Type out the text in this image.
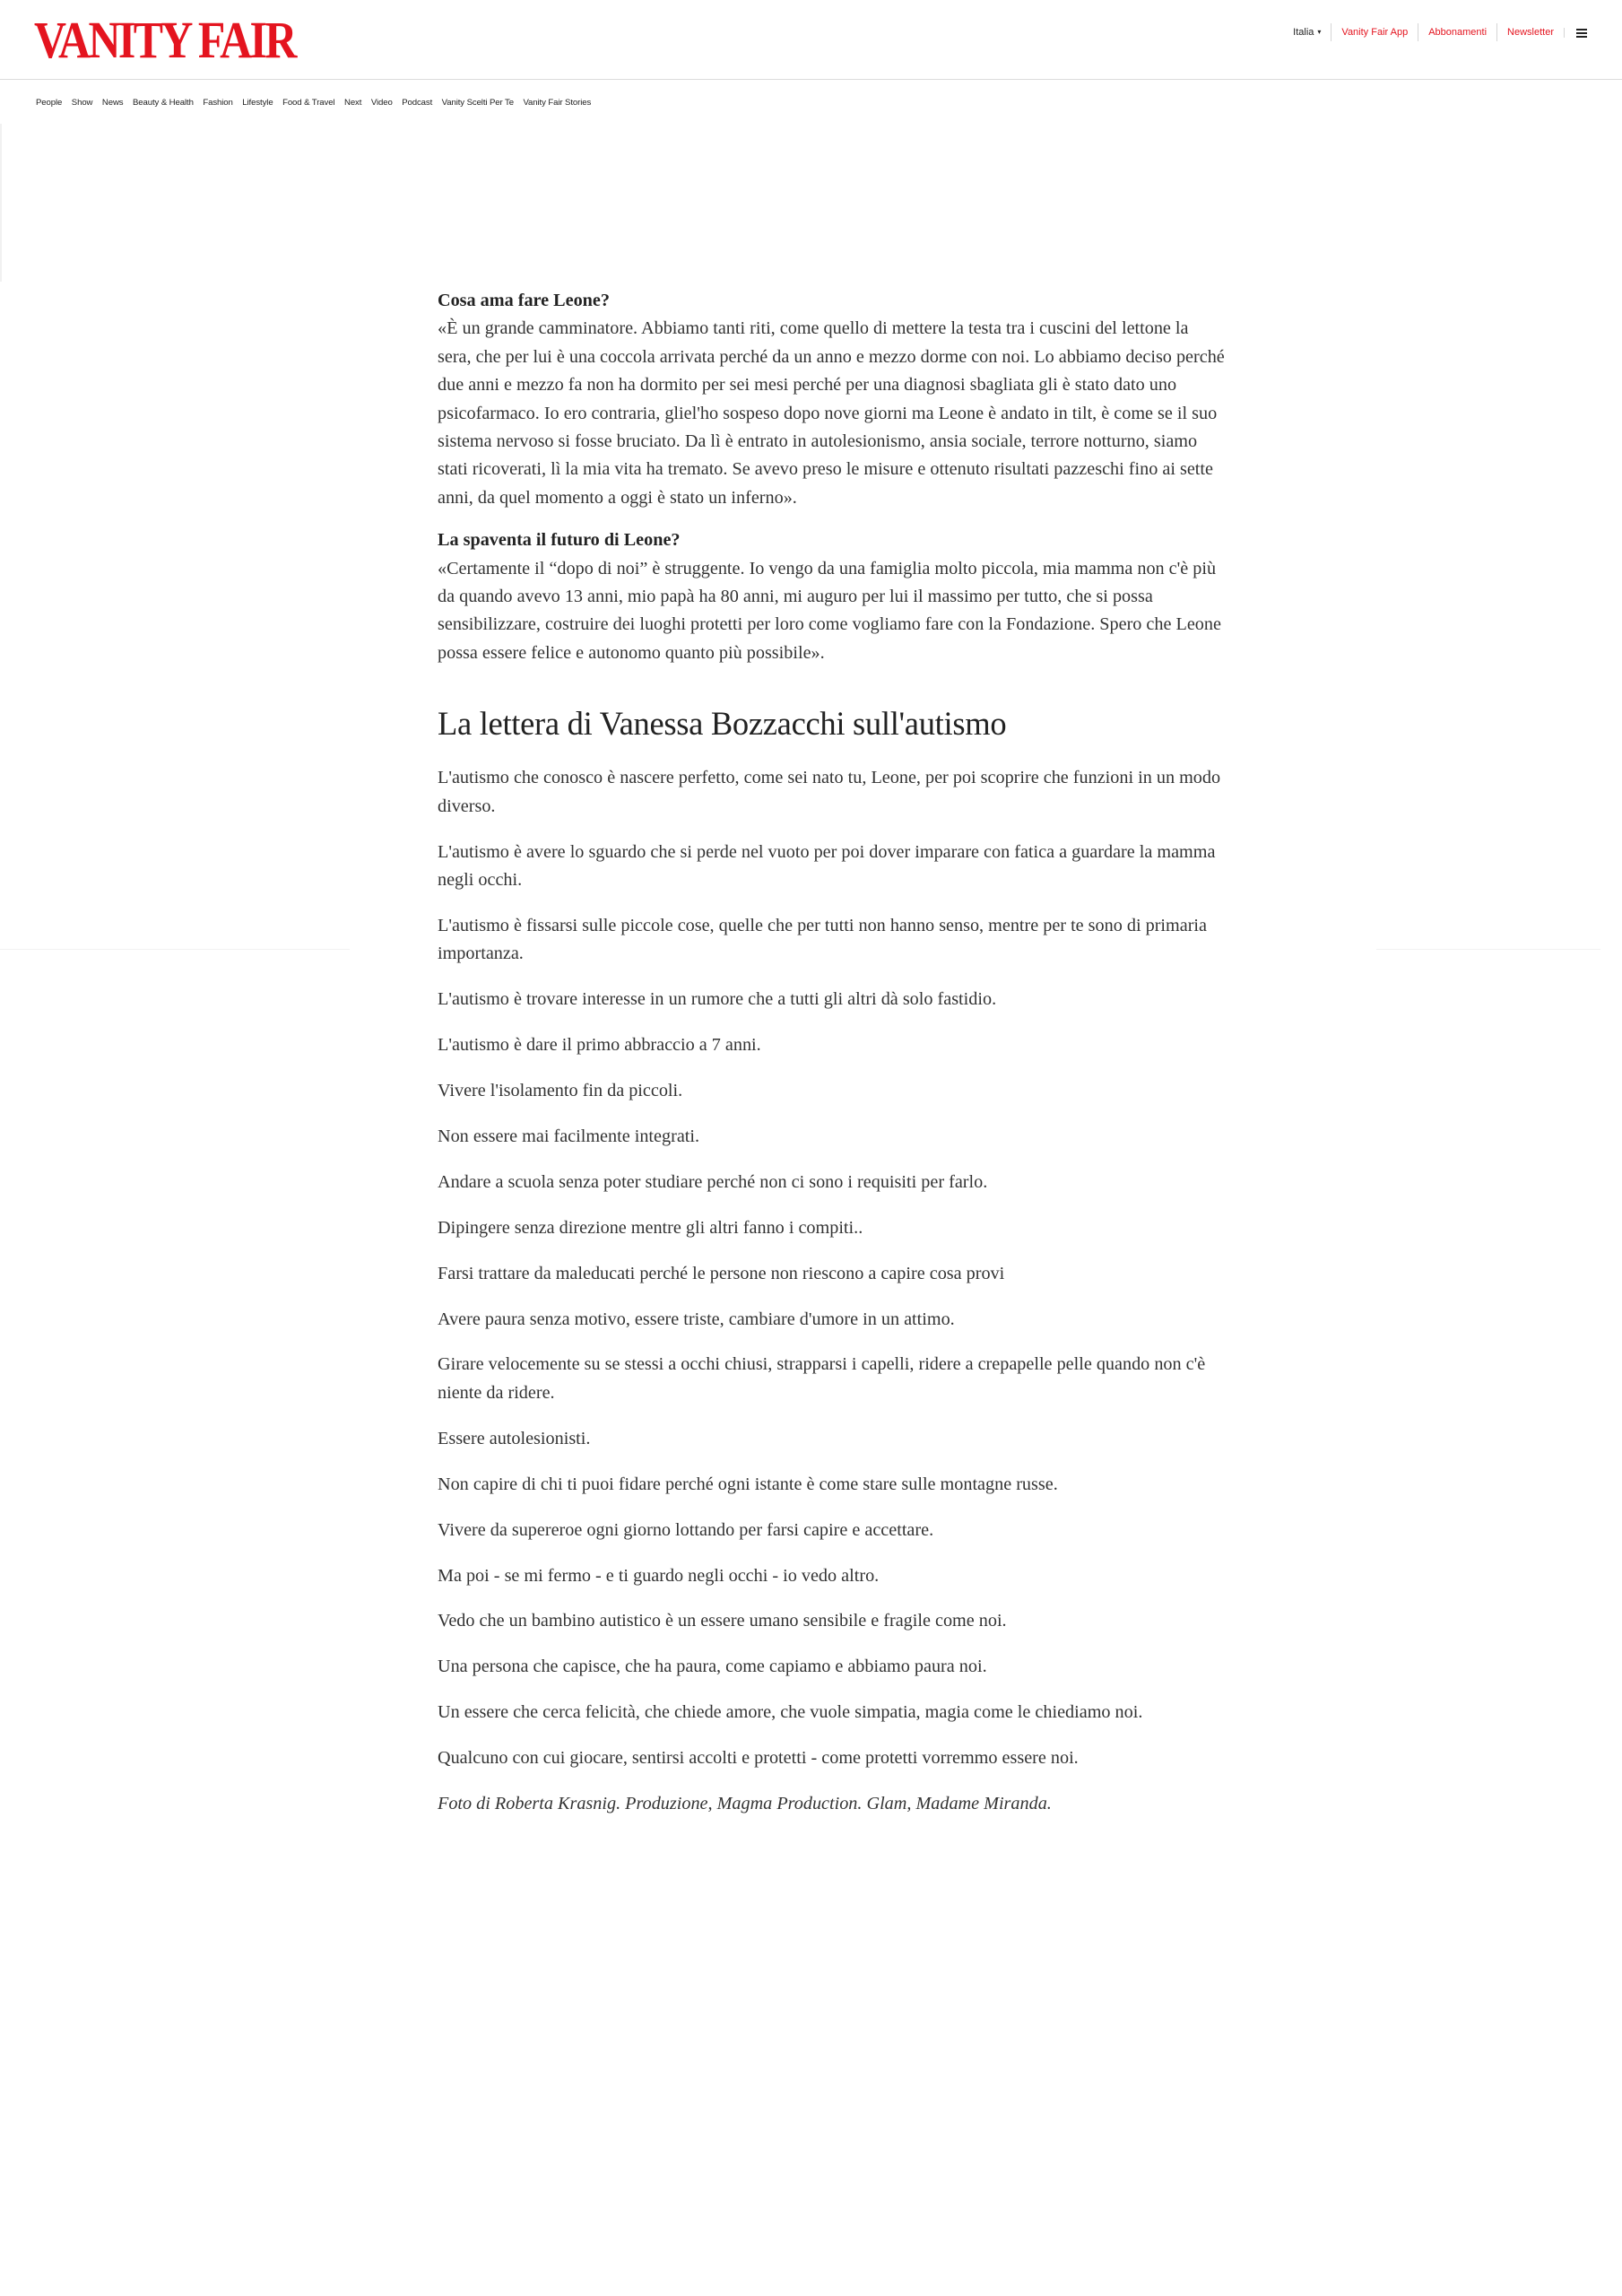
VANITY FAIR	Italia ▾	Vanity Fair App	Abbonamenti	Newsletter
People Show News Beauty & Health Fashion Lifestyle Food & Travel Next Video Podcast Vanity Scelti Per Te Vanity Fair Stories

Cosa ama fare Leone?

«È un grande camminatore. Abbiamo tanti riti, come quello di mettere la testa tra i cuscini del lettone la sera, che per lui è una coccola arrivata perché da un anno e mezzo dorme con noi. Lo abbiamo deciso perché due anni e mezzo fa non ha dormito per sei mesi perché per una diagnosi sbagliata gli è stato dato uno psicofarmaco. Io ero contraria, gliel'ho sospeso dopo nove giorni ma Leone è andato in tilt, è come se il suo sistema nervoso si fosse bruciato. Da lì è entrato in autolesionismo, ansia sociale, terrore notturno, siamo stati ricoverati, lì la mia vita ha tremato. Se avevo preso le misure e ottenuto risultati pazzeschi fino ai sette anni, da quel momento a oggi è stato un inferno».

La spaventa il futuro di Leone?

«Certamente il “dopo di noi” è struggente. Io vengo da una famiglia molto piccola, mia mamma non c'è più da quando avevo 13 anni, mio papà ha 80 anni, mi auguro per lui il massimo per tutto, che si possa sensibilizzare, costruire dei luoghi protetti per loro come vogliamo fare con la Fondazione. Spero che Leone possa essere felice e autonomo quanto più possibile».

La lettera di Vanessa Bozzacchi sull'autismo

L'autismo che conosco è nascere perfetto, come sei nato tu, Leone, per poi scoprire che funzioni in un modo diverso.

L'autismo è avere lo sguardo che si perde nel vuoto per poi dover imparare con fatica a guardare la mamma negli occhi.

L'autismo è fissarsi sulle piccole cose, quelle che per tutti non hanno senso, mentre per te sono di primaria importanza.

L'autismo è trovare interesse in un rumore che a tutti gli altri dà solo fastidio.

L'autismo è dare il primo abbraccio a 7 anni.

Vivere l'isolamento fin da piccoli.

Non essere mai facilmente integrati.

Andare a scuola senza poter studiare perché non ci sono i requisiti per farlo.

Dipingere senza direzione mentre gli altri fanno i compiti..

Farsi trattare da maleducati perché le persone non riescono a capire cosa provi

Avere paura senza motivo, essere triste, cambiare d'umore in un attimo.

Girare velocemente su se stessi a occhi chiusi, strapparsi i capelli, ridere a crepapelle pelle quando non c'è niente da ridere.

Essere autolesionisti.

Non capire di chi ti puoi fidare perché ogni istante è come stare sulle montagne russe.

Vivere da supereroe ogni giorno lottando per farsi capire e accettare.

Ma poi - se mi fermo - e ti guardo negli occhi - io vedo altro.

Vedo che un bambino autistico è un essere umano sensibile e fragile come noi.

Una persona che capisce, che ha paura, come capiamo e abbiamo paura noi.

Un essere che cerca felicità, che chiede amore, che vuole simpatia, magia come le chiediamo noi.

Qualcuno con cui giocare, sentirsi accolti e protetti - come protetti vorremmo essere noi.

Foto di Roberta Krasnig. Produzione, Magma Production. Glam, Madame Miranda.
